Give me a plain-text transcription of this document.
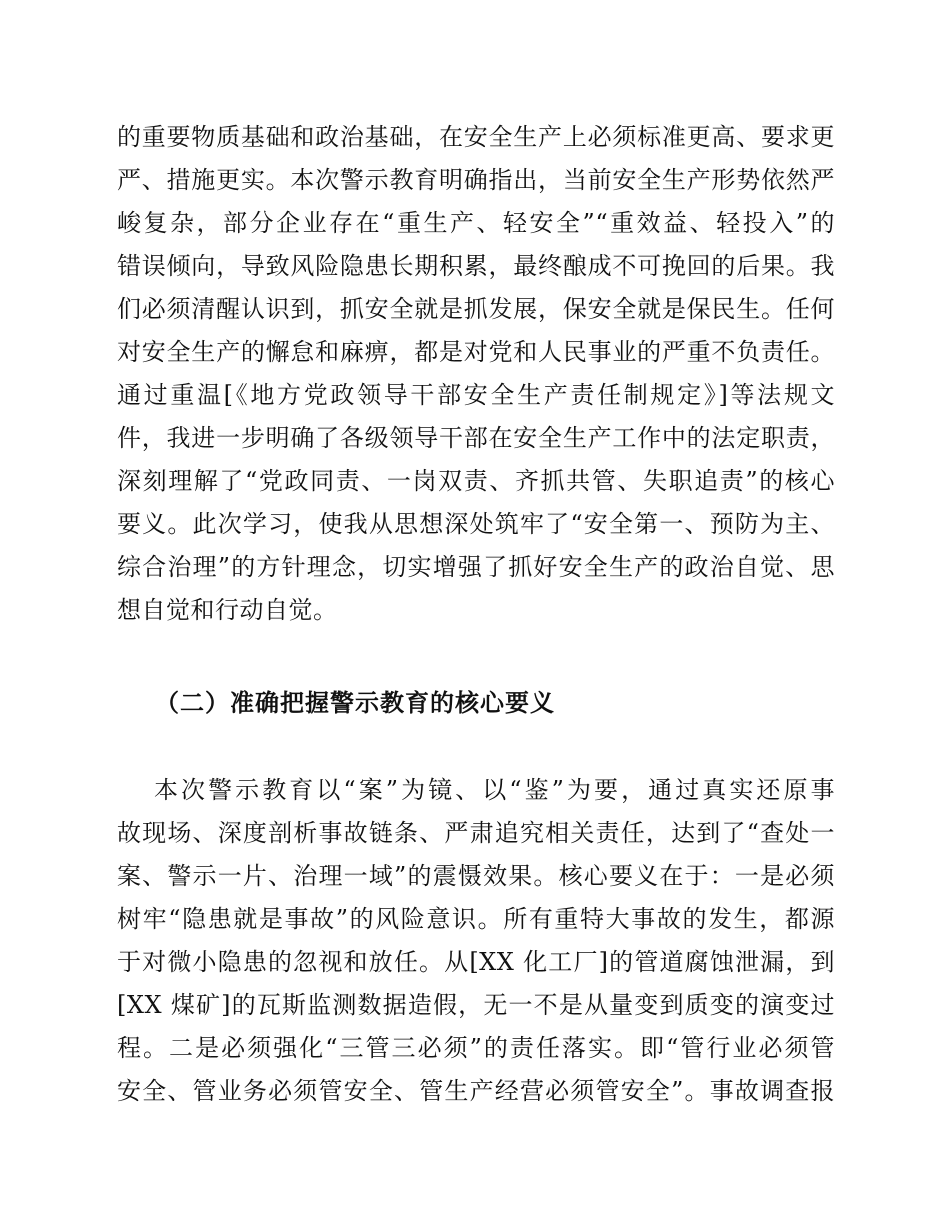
的重要物质基础和政治基础，在安全生产上必须标准更高、要求更
严、措施更实。本次警示教育明确指出，当前安全生产形势依然严
峻复杂，部分企业存在“重生产、轻安全”“重效益、轻投入”的
错误倾向，导致风险隐患长期积累，最终酿成不可挽回的后果。我
们必须清醒认识到，抓安全就是抓发展，保安全就是保民生。任何
对安全生产的懈怠和麻痹，都是对党和人民事业的严重不负责任。
通过重温[《地方党政领导干部安全生产责任制规定》]等法规文
件，我进一步明确了各级领导干部在安全生产工作中的法定职责，
深刻理解了“党政同责、一岗双责、齐抓共管、失职追责”的核心
要义。此次学习，使我从思想深处筑牢了“安全第一、预防为主、
综合治理”的方针理念，切实增强了抓好安全生产的政治自觉、思
想自觉和行动自觉。
（二）准确把握警示教育的核心要义
本次警示教育以“案”为镜、以“鉴”为要，通过真实还原事
故现场、深度剖析事故链条、严肃追究相关责任，达到了“查处一
案、警示一片、治理一域”的震慑效果。核心要义在于：一是必须
树牢“隐患就是事故”的风险意识。所有重特大事故的发生，都源
于对微小隐患的忽视和放任。从[XX 化工厂]的管道腐蚀泄漏，到
[XX 煤矿]的瓦斯监测数据造假，无一不是从量变到质变的演变过
程。二是必须强化“三管三必须”的责任落实。即“管行业必须管
安全、管业务必须管安全、管生产经营必须管安全”。事故调查报
